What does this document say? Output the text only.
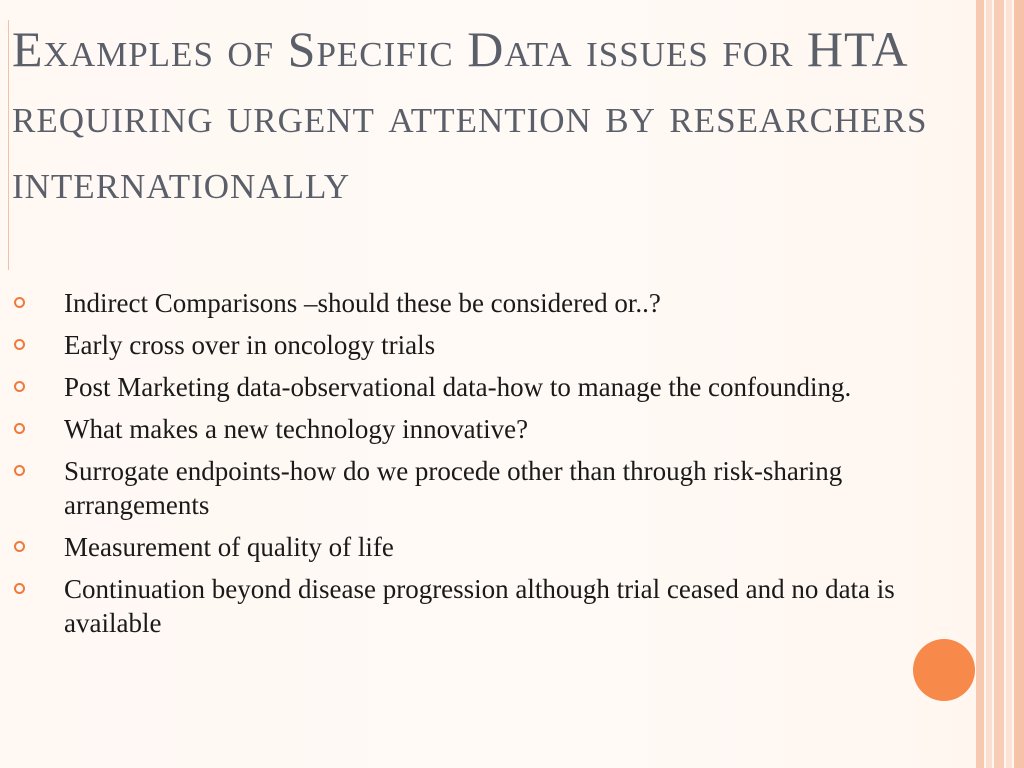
Examples of Specific Data issues for HTA requiring urgent attention by researchers internationally
Indirect Comparisons –should these be considered or..?
Early cross over in oncology trials
Post Marketing data-observational data-how to manage the confounding.
What makes a new technology innovative?
Surrogate endpoints-how do we procede other than through risk-sharing arrangements
Measurement of quality of life
Continuation beyond disease progression although trial ceased and no data is available
